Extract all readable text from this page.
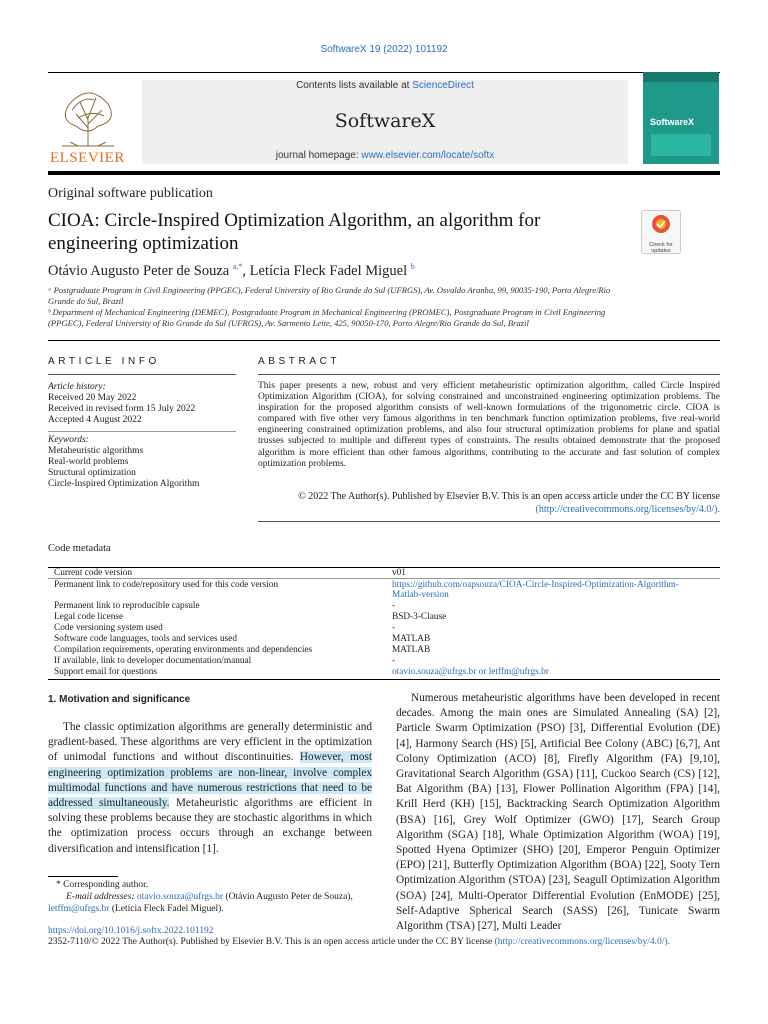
SoftwareX 19 (2022) 101192
ELSEVIER
Contents lists available at ScienceDirect
SoftwareX
journal homepage: www.elsevier.com/locate/softx
SoftwareX
Original software publication
CIOA: Circle-Inspired Optimization Algorithm, an algorithm for engineering optimization	Check for
updates
Otávio Augusto Peter de Souza $^{a,*}$, Letícia Fleck Fadel Miguel $^b$
ᵃ Postgraduate Program in Civil Engineering (PPGEC), Federal University of Rio Grande do Sul (UFRGS), Av. Osvaldo Aranha, 99, 90035-190, Porto Alegre/Rio Grande do Sul, Brazil
ᵇ Department of Mechanical Engineering (DEMEC), Postgraduate Program in Mechanical Engineering (PROMEC), Postgraduate Program in Civil Engineering (PPGEC), Federal University of Rio Grande do Sul (UFRGS), Av. Sarmento Leite, 425, 90050-170, Porto Alegre/Rio Grande do Sul, Brazil
ARTICLE INFO
Article history:
Received 20 May 2022
Received in revised form 15 July 2022
Accepted 4 August 2022
Keywords:
Metaheuristic algorithms
Real-world problems
Structural optimization
Circle-Inspired Optimization Algorithm
ABSTRACT
This paper presents a new, robust and very efficient metaheuristic optimization algorithm, called Circle Inspired Optimization Algorithm (CIOA), for solving constrained and unconstrained engineering optimization problems. The inspiration for the proposed algorithm consists of well-known formulations of the trigonometric circle. CIOA is compared with five other very famous algorithms in ten benchmark function optimization problems, five real-world engineering constrained optimization problems, and also four structural optimization problems for plane and spatial trusses subjected to multiple and different types of constraints. The results obtained demonstrate that the proposed algorithm is more efficient than other famous algorithms, contributing to the accurate and fast solution of complex optimization problems.
© 2022 The Author(s). Published by Elsevier B.V. This is an open access article under the CC BY license
(http://creativecommons.org/licenses/by/4.0/).
Code metadata
Current code version	v01
Permanent link to code/repository used for this code version	https://github.com/oapsouza/CIOA-Circle-Inspired-Optimization-Algorithm-Matlab-version
Permanent link to reproducible capsule	-
Legal code license	BSD-3-Clause
Code versioning system used	-
Software code languages, tools and services used	MATLAB
Compilation requirements, operating environments and dependencies	MATLAB
If available, link to developer documentation/manual	-
Support email for questions	otavio.souza@ufrgs.br or letffm@ufrgs.br
1. Motivation and significance
The classic optimization algorithms are generally deterministic and gradient-based. These algorithms are very efficient in the optimization of unimodal functions and without discontinuities. However, most engineering optimization problems are non-linear, involve complex multimodal functions and have numerous restrictions that need to be addressed simultaneously. Metaheuristic algorithms are efficient in solving these problems because they are stochastic algorithms in which the optimization process occurs through an exchange between diversification and intensification [1].
Numerous metaheuristic algorithms have been developed in recent decades. Among the main ones are Simulated Annealing (SA) [2], Particle Swarm Optimization (PSO) [3], Differential Evolution (DE) [4], Harmony Search (HS) [5], Artificial Bee Colony (ABC) [6,7], Ant Colony Optimization (ACO) [8], Firefly Algorithm (FA) [9,10], Gravitational Search Algorithm (GSA) [11], Cuckoo Search (CS) [12], Bat Algorithm (BA) [13], Flower Pollination Algorithm (FPA) [14], Krill Herd (KH) [15], Backtracking Search Optimization Algorithm (BSA) [16], Grey Wolf Optimizer (GWO) [17], Search Group Algorithm (SGA) [18], Whale Optimization Algorithm (WOA) [19], Spotted Hyena Optimizer (SHO) [20], Emperor Penguin Optimizer (EPO) [21], Butterfly Optimization Algorithm (BOA) [22], Sooty Tern Optimization Algorithm (STOA) [23], Seagull Optimization Algorithm (SOA) [24], Multi-Operator Differential Evolution (EnMODE) [25], Self-Adaptive Spherical Search (SASS) [26], Tunicate Swarm Algorithm (TSA) [27], Multi Leader
* Corresponding author.
E-mail addresses: otavio.souza@ufrgs.br (Otávio Augusto Peter de Souza),
letffm@ufrgs.br (Letícia Fleck Fadel Miguel).
https://doi.org/10.1016/j.softx.2022.101192
2352-7110/© 2022 The Author(s). Published by Elsevier B.V. This is an open access article under the CC BY license (http://creativecommons.org/licenses/by/4.0/).
